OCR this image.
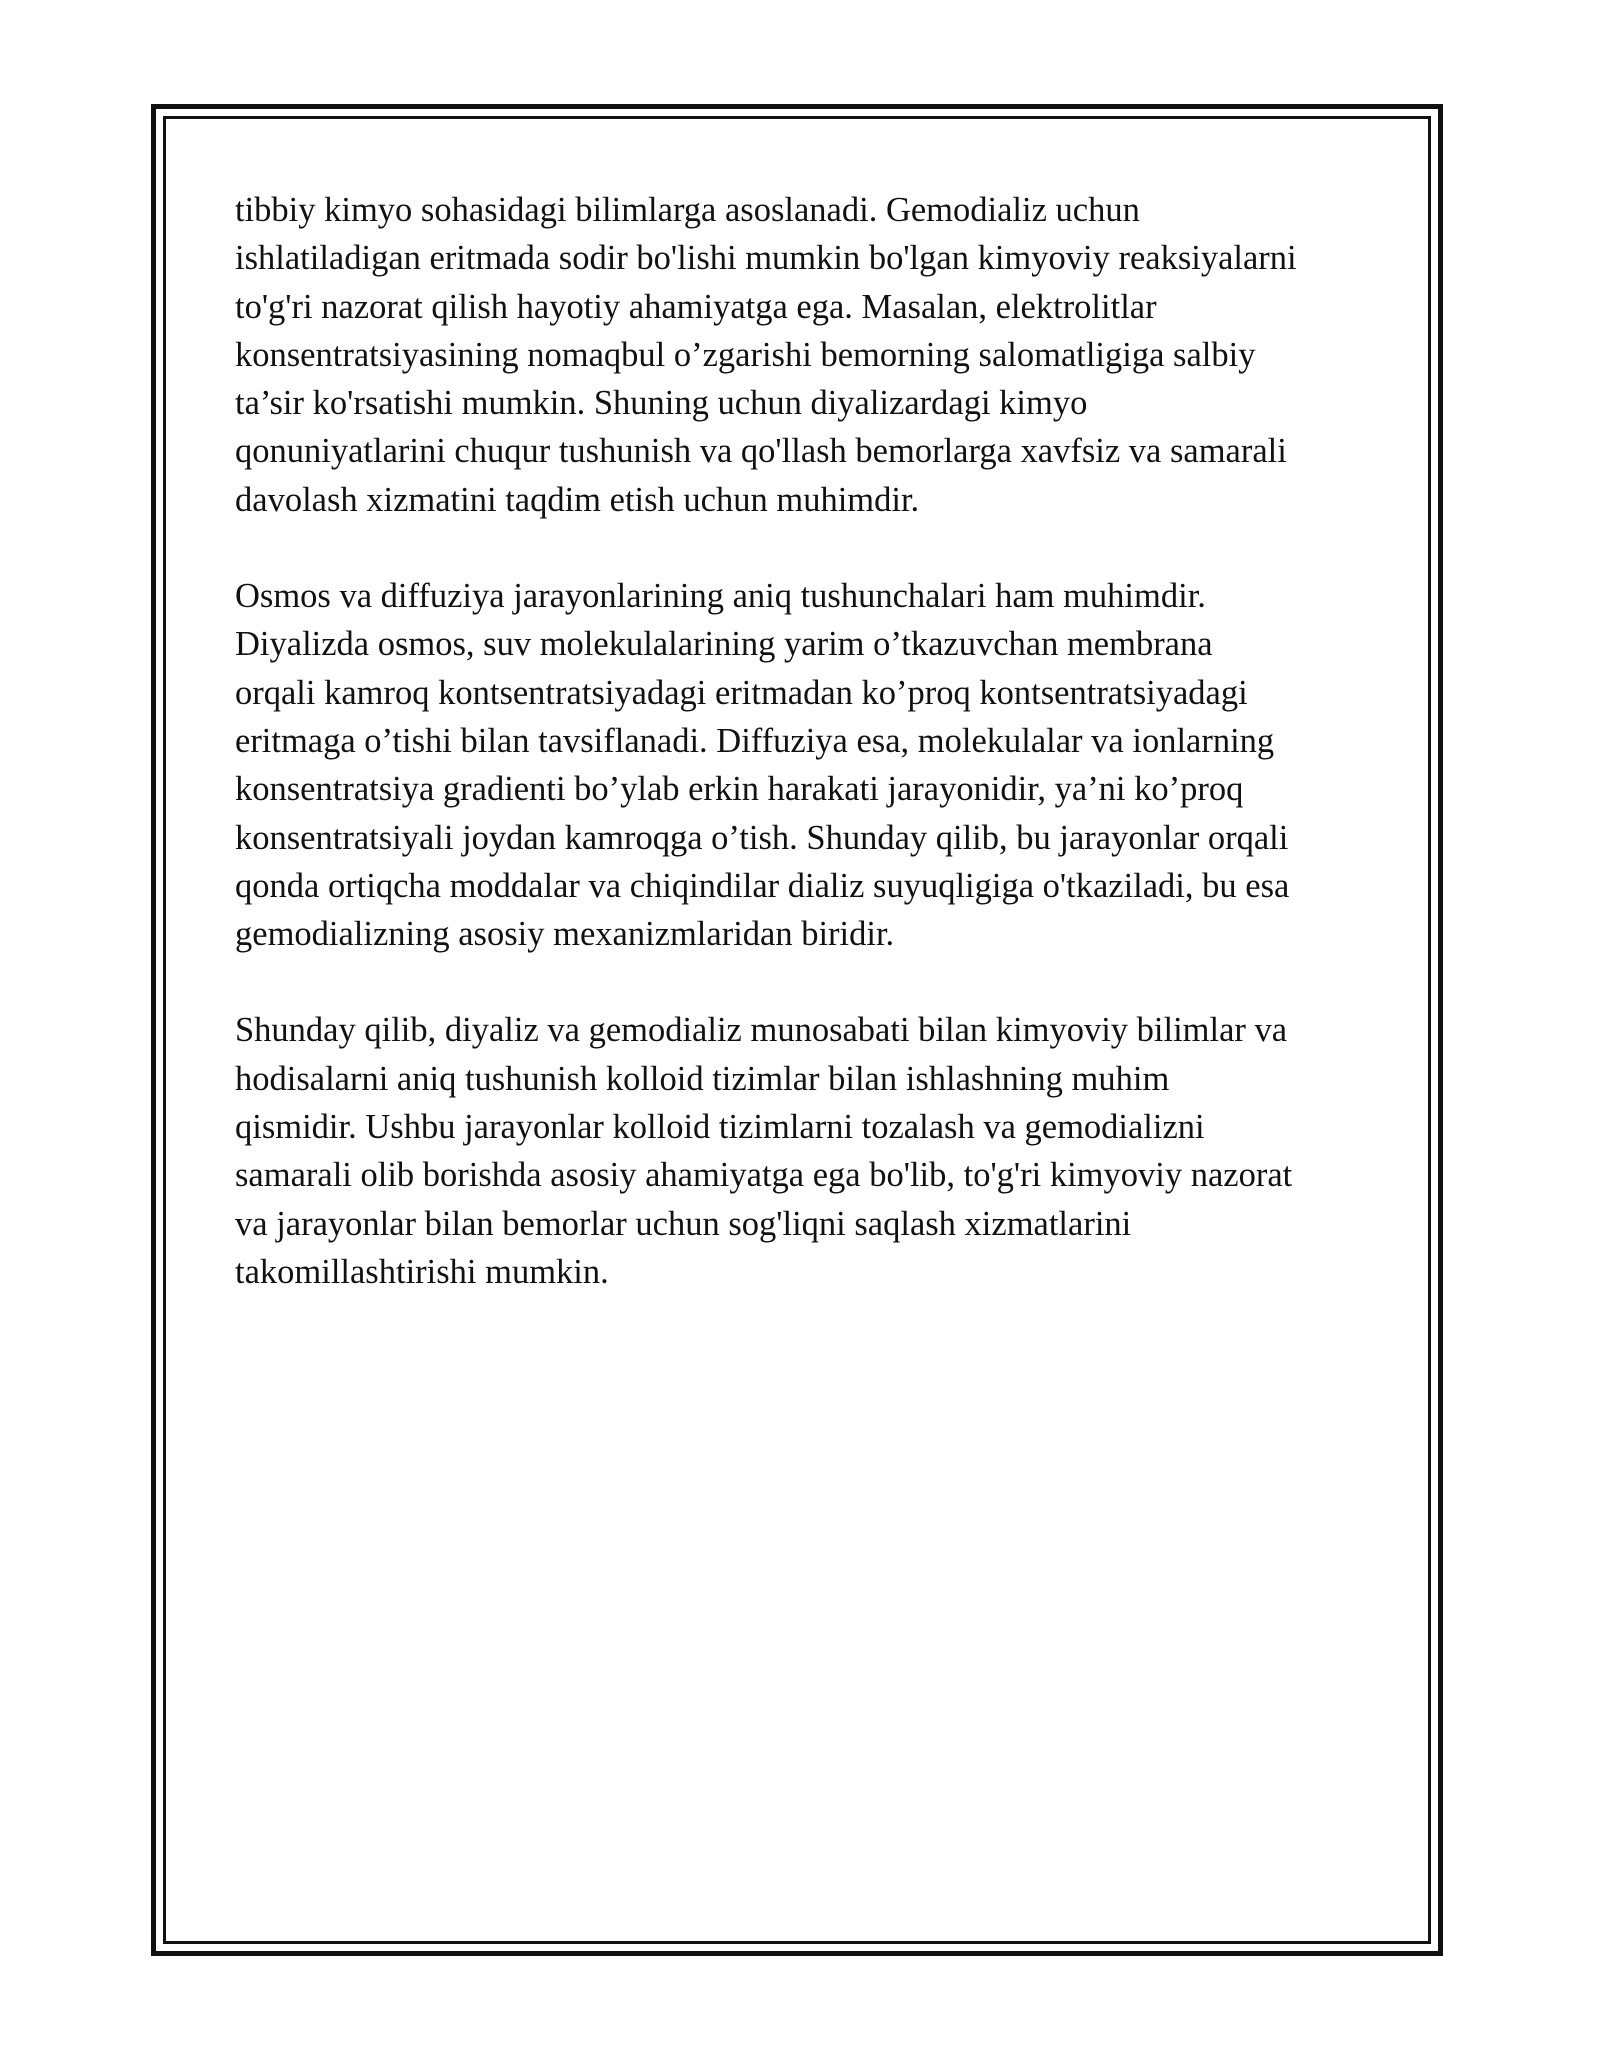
tibbiy kimyo sohasidagi bilimlarga asoslanadi. Gemodializ uchun
ishlatiladigan eritmada sodir bo'lishi mumkin bo'lgan kimyoviy reaksiyalarni
to'g'ri nazorat qilish hayotiy ahamiyatga ega. Masalan, elektrolitlar
konsentratsiyasining nomaqbul o’zgarishi bemorning salomatligiga salbiy
ta’sir ko'rsatishi mumkin. Shuning uchun diyalizardagi kimyo
qonuniyatlarini chuqur tushunish va qo'llash bemorlarga xavfsiz va samarali
davolash xizmatini taqdim etish uchun muhimdir.

Osmos va diffuziya jarayonlarining aniq tushunchalari ham muhimdir.
Diyalizda osmos, suv molekulalarining yarim o’tkazuvchan membrana
orqali kamroq kontsentratsiyadagi eritmadan ko’proq kontsentratsiyadagi
eritmaga o’tishi bilan tavsiflanadi. Diffuziya esa, molekulalar va ionlarning
konsentratsiya gradienti bo’ylab erkin harakati jarayonidir, ya’ni ko’proq
konsentratsiyali joydan kamroqga o’tish. Shunday qilib, bu jarayonlar orqali
qonda ortiqcha moddalar va chiqindilar dializ suyuqligiga o'tkaziladi, bu esa
gemodializning asosiy mexanizmlaridan biridir.

Shunday qilib, diyaliz va gemodializ munosabati bilan kimyoviy bilimlar va
hodisalarni aniq tushunish kolloid tizimlar bilan ishlashning muhim
qismidir. Ushbu jarayonlar kolloid tizimlarni tozalash va gemodializni
samarali olib borishda asosiy ahamiyatga ega bo'lib, to'g'ri kimyoviy nazorat
va jarayonlar bilan bemorlar uchun sog'liqni saqlash xizmatlarini
takomillashtirishi mumkin.
